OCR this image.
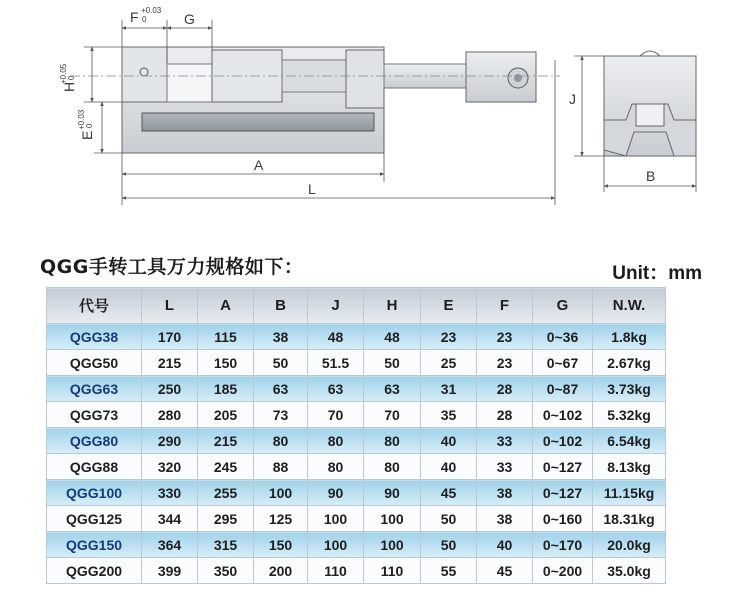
F +0.03
0	G
H
+0.05 0
E
+0.03 0
A
L
J
B
QGG手转工具万力规格如下：	Unit：mm
代号	L	A	B	J	H	E	F	G	N.W.
QGG38	170	115	38	48	48	23	23	0~36	1.8kg
QGG50	215	150	50	51.5	50	25	23	0~67	2.67kg
QGG63	250	185	63	63	63	31	28	0~87	3.73kg
QGG73	280	205	73	70	70	35	28	0~102	5.32kg
QGG80	290	215	80	80	80	40	33	0~102	6.54kg
QGG88	320	245	88	80	80	40	33	0~127	8.13kg
QGG100	330	255	100	90	90	45	38	0~127	11.15kg
QGG125	344	295	125	100	100	50	38	0~160	18.31kg
QGG150	364	315	150	100	100	50	40	0~170	20.0kg
QGG200	399	350	200	110	110	55	45	0~200	35.0kg
